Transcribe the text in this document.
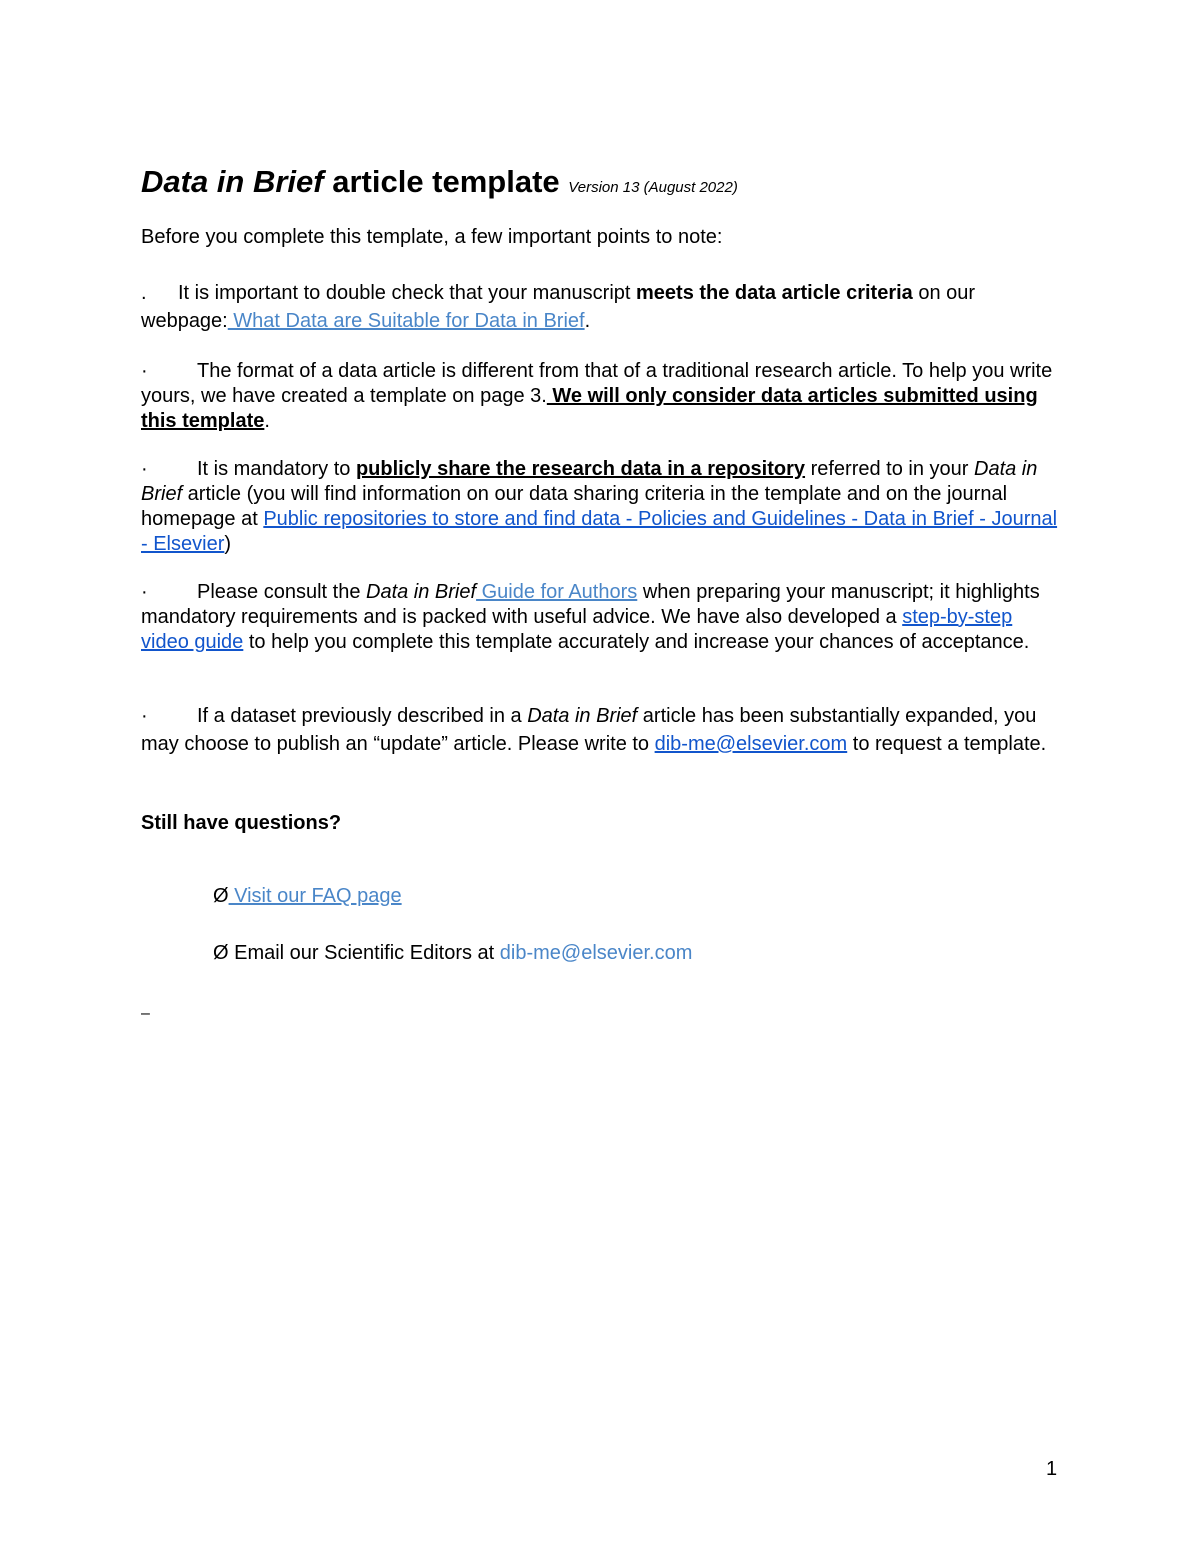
Data in Brief article template Version 13 (August 2022)
Before you complete this template, a few important points to note:
. It is important to double check that your manuscript meets the data article criteria on our webpage: What Data are Suitable for Data in Brief.
· The format of a data article is different from that of a traditional research article. To help you write yours, we have created a template on page 3. We will only consider data articles submitted using this template.
· It is mandatory to publicly share the research data in a repository referred to in your Data in Brief article (you will find information on our data sharing criteria in the template and on the journal homepage at Public repositories to store and find data - Policies and Guidelines - Data in Brief - Journal - Elsevier)
· Please consult the Data in Brief Guide for Authors when preparing your manuscript; it highlights mandatory requirements and is packed with useful advice. We have also developed a step-by-step video guide to help you complete this template accurately and increase your chances of acceptance.
· If a dataset previously described in a Data in Brief article has been substantially expanded, you may choose to publish an “update” article. Please write to dib-me@elsevier.com to request a template.
Still have questions?
Ø Visit our FAQ page
Ø Email our Scientific Editors at dib-me@elsevier.com
–
1
